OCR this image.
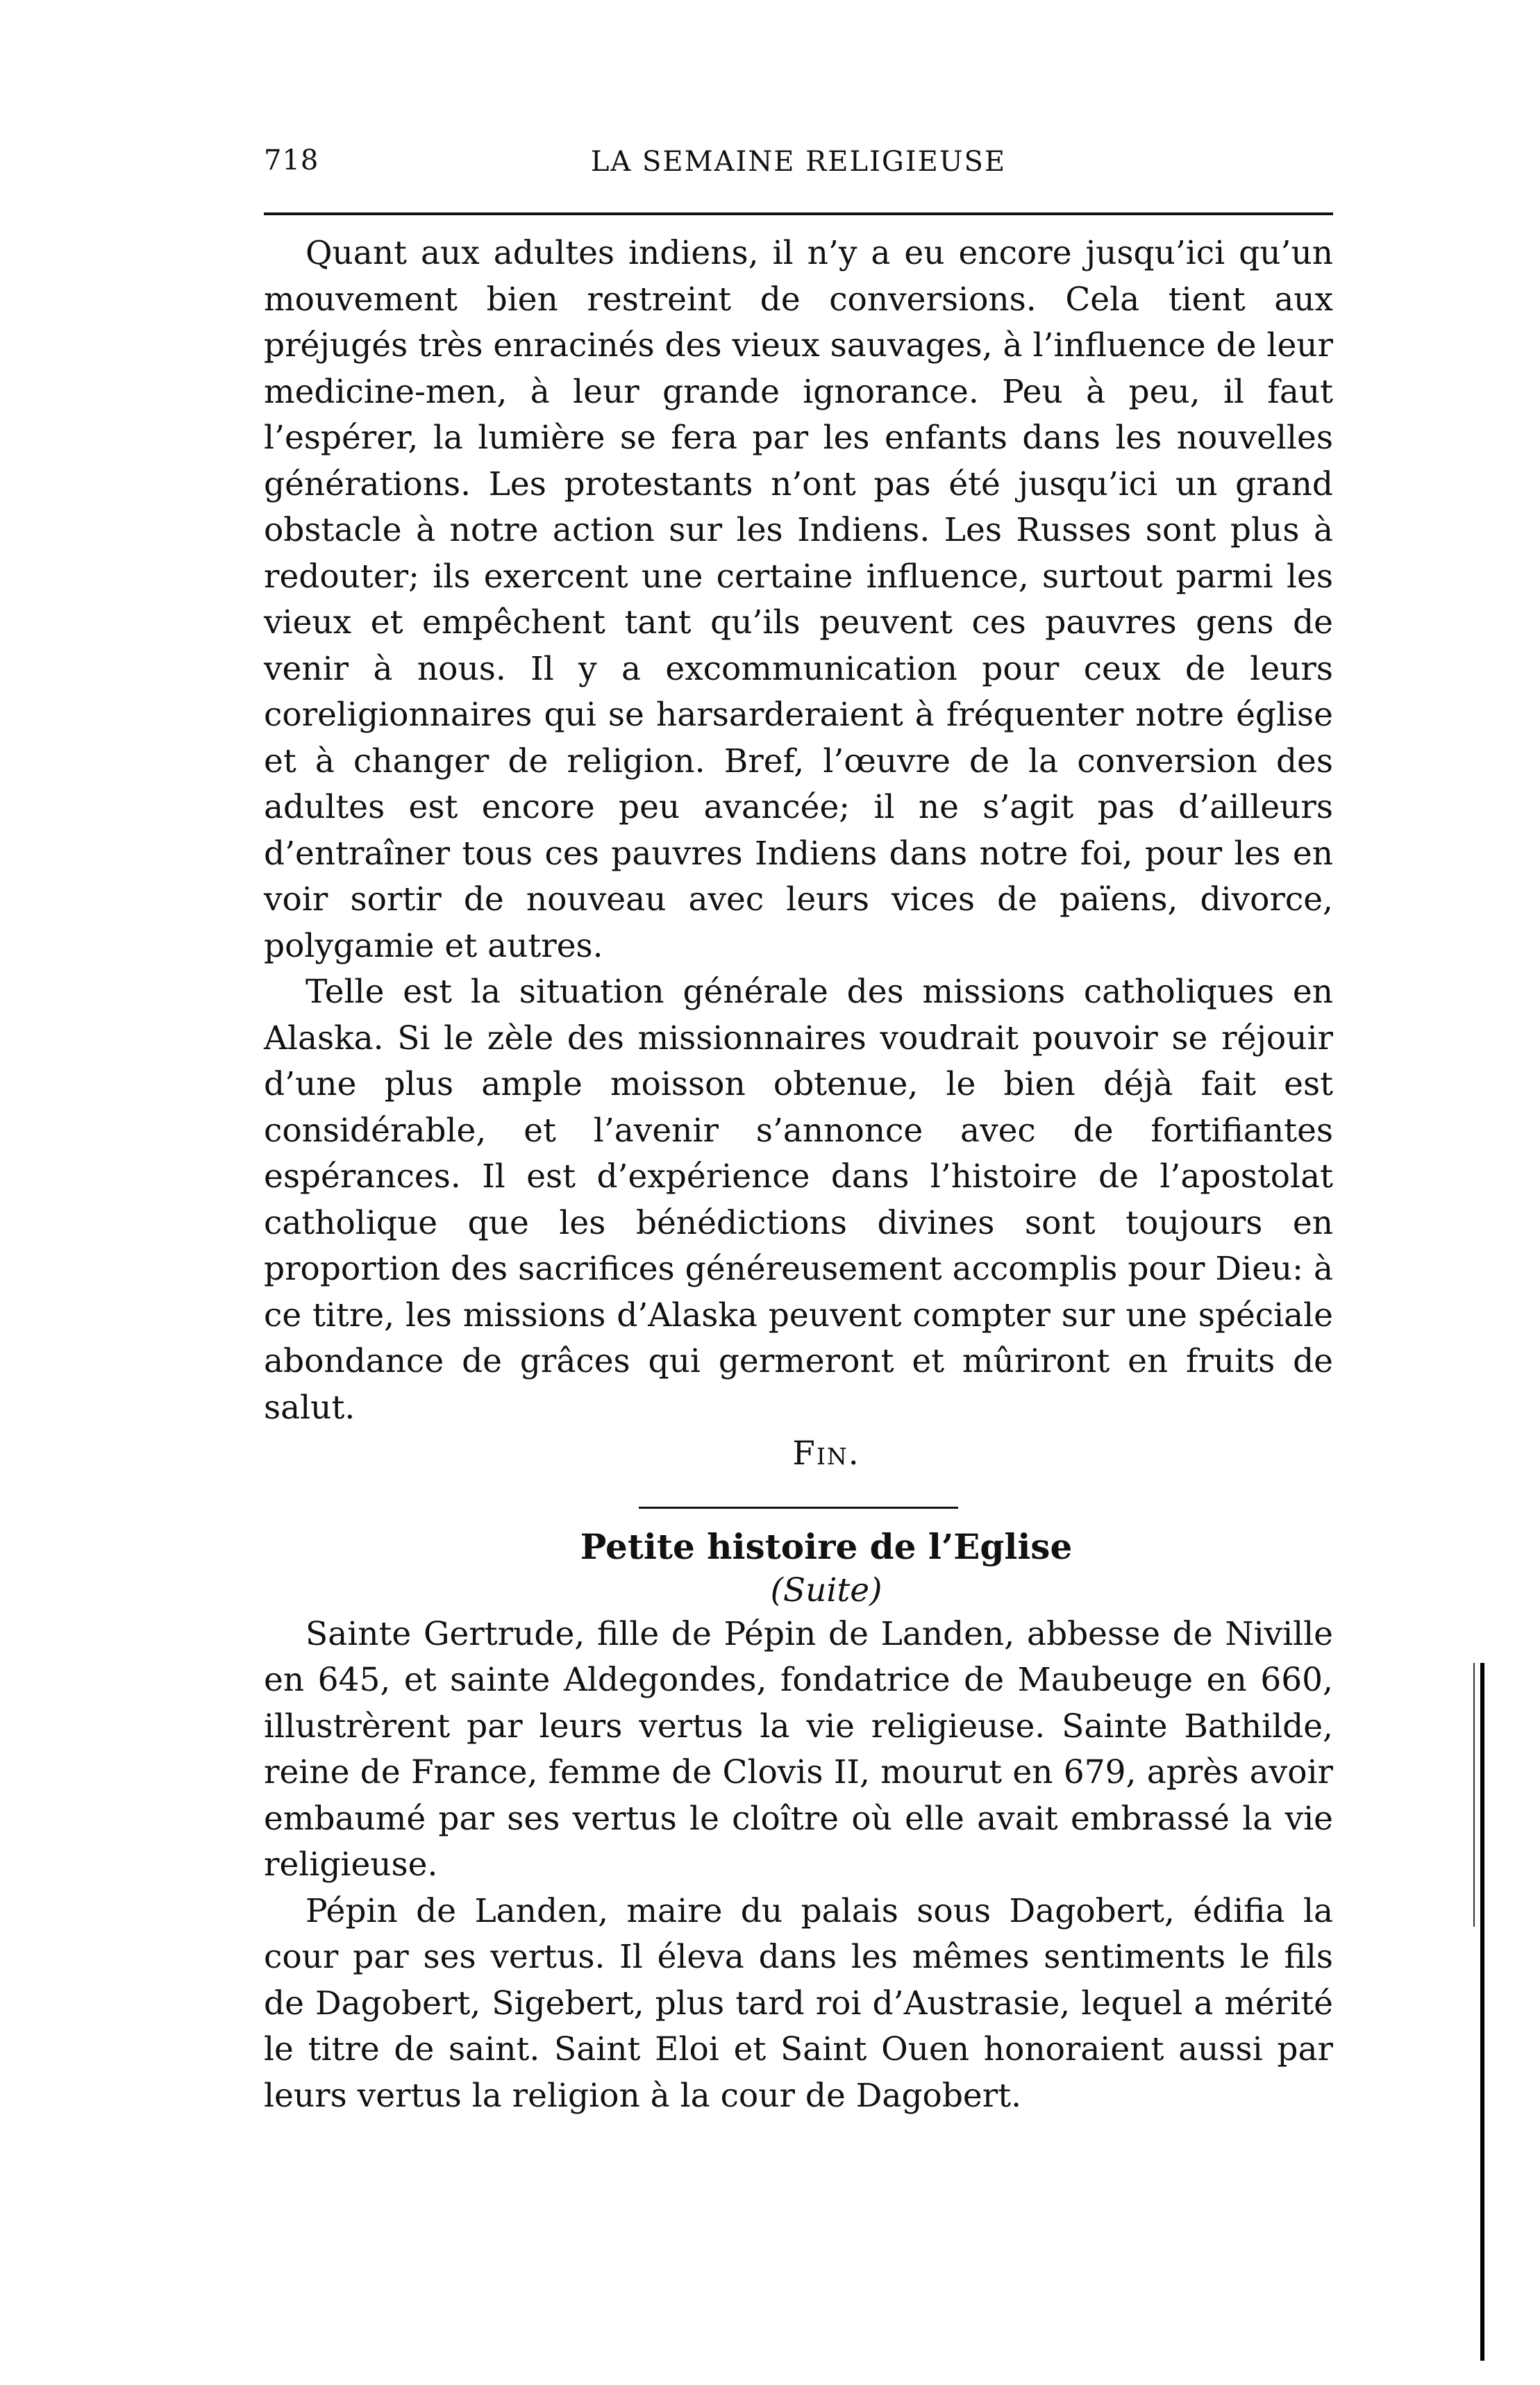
718	LA SEMAINE RELIGIEUSE

Quant aux adultes indiens, il n’y a eu encore jusqu’ici qu’un mouvement bien restreint de conversions. Cela tient aux préjugés très enracinés des vieux sauvages, à l’influence de leur medicine-men, à leur grande ignorance. Peu à peu, il faut l’espérer, la lumière se fera par les enfants dans les nouvelles générations. Les protestants n’ont pas été jusqu’ici un grand obstacle à notre action sur les Indiens. Les Russes sont plus à redouter; ils exercent une certaine influence, surtout parmi les vieux et empêchent tant qu’ils peuvent ces pauvres gens de venir à nous. Il y a excommunication pour ceux de leurs coreligionnaires qui se harsarderaient à fréquenter notre église et à changer de religion. Bref, l’œuvre de la conversion des adultes est encore peu avancée; il ne s’agit pas d’ailleurs d’entraîner tous ces pauvres Indiens dans notre foi, pour les en voir sortir de nouveau avec leurs vices de païens, divorce, polygamie et autres.

Telle est la situation générale des missions catholiques en Alaska. Si le zèle des missionnaires voudrait pouvoir se réjouir d’une plus ample moisson obtenue, le bien déjà fait est considérable, et l’avenir s’annonce avec de fortifiantes espérances. Il est d’expérience dans l’histoire de l’apostolat catholique que les bénédictions divines sont toujours en proportion des sacrifices généreusement accomplis pour Dieu: à ce titre, les missions d’Alaska peuvent compter sur une spéciale abondance de grâces qui germeront et mûriront en fruits de salut.

Fin.

Petite histoire de l’Eglise

(Suite)

Sainte Gertrude, fille de Pépin de Landen, abbesse de Niville en 645, et sainte Aldegondes, fondatrice de Maubeuge en 660, illustrèrent par leurs vertus la vie religieuse. Sainte Bathilde, reine de France, femme de Clovis II, mourut en 679, après avoir embaumé par ses vertus le cloître où elle avait embrassé la vie religieuse.

Pépin de Landen, maire du palais sous Dagobert, édifia la cour par ses vertus. Il éleva dans les mêmes sentiments le fils de Dagobert, Sigebert, plus tard roi d’Austrasie, lequel a mérité le titre de saint. Saint Eloi et Saint Ouen honoraient aussi par leurs vertus la religion à la cour de Dagobert.
